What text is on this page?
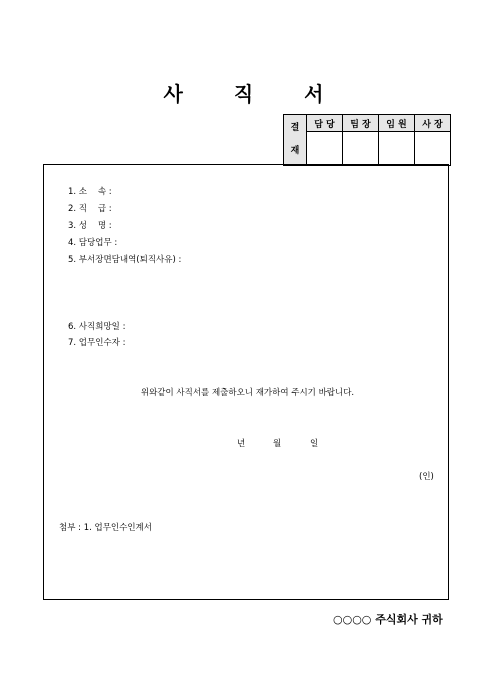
사 직 서
결
재	담 당	팀 장	임 원	사 장

1. 소    속 :
2. 직    급 :
3. 성    명 :
4. 담당업무 :
5. 부서장면담내역(퇴직사유) :
6. 사직희망일 :
7. 업무인수자 :
위와같이 사직서를 제출하오니 재가하여 주시기 바랍니다.
년	월	일
(인)
첨부 : 1. 업무인수인계서
○○○○ 주식회사 귀하
